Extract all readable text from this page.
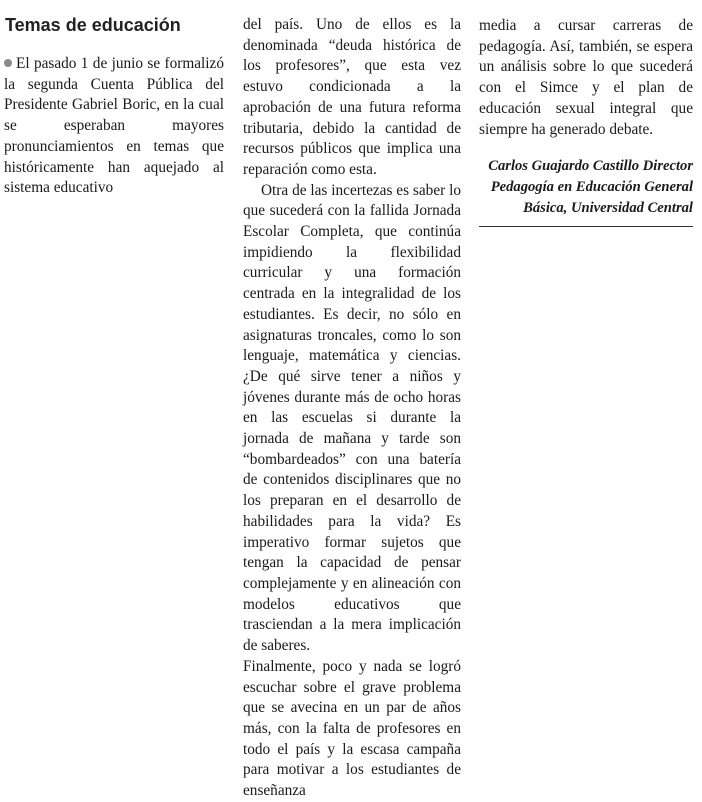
Temas de educación

El pasado 1 de junio se formalizó la segunda Cuenta Pública del Presidente Gabriel Boric, en la cual se esperaban mayores pronunciamientos en temas que históricamente han aquejado al sistema educativo

del país. Uno de ellos es la denominada “deuda histórica de los profesores”, que esta vez estuvo condicionada a la aprobación de una futura reforma tributaria, debido la cantidad de recursos públicos que implica una reparación como esta.

Otra de las incertezas es saber lo que sucederá con la fallida Jornada Escolar Completa, que continúa impidiendo la flexibilidad curricular y una formación centrada en la integralidad de los estudiantes. Es decir, no sólo en asignaturas troncales, como lo son lenguaje, matemática y ciencias. ¿De qué sirve tener a niños y jóvenes durante más de ocho horas en las escuelas si durante la jornada de mañana y tarde son “bombardeados” con una batería de contenidos disciplinares que no los preparan en el desarrollo de habilidades para la vida? Es imperativo formar sujetos que tengan la capacidad de pensar complejamente y en alineación con modelos educativos que trasciendan a la mera implicación de saberes.

Finalmente, poco y nada se logró escuchar sobre el grave problema que se avecina en un par de años más, con la falta de profesores en todo el país y la escasa campaña para motivar a los estudiantes de enseñanza

media a cursar carreras de pedagogía. Así, también, se espera un análisis sobre lo que sucederá con el Simce y el plan de educación sexual integral que siempre ha generado debate.

Carlos Guajardo Castillo Director Pedagogía en Educación General Básica, Universidad Central
